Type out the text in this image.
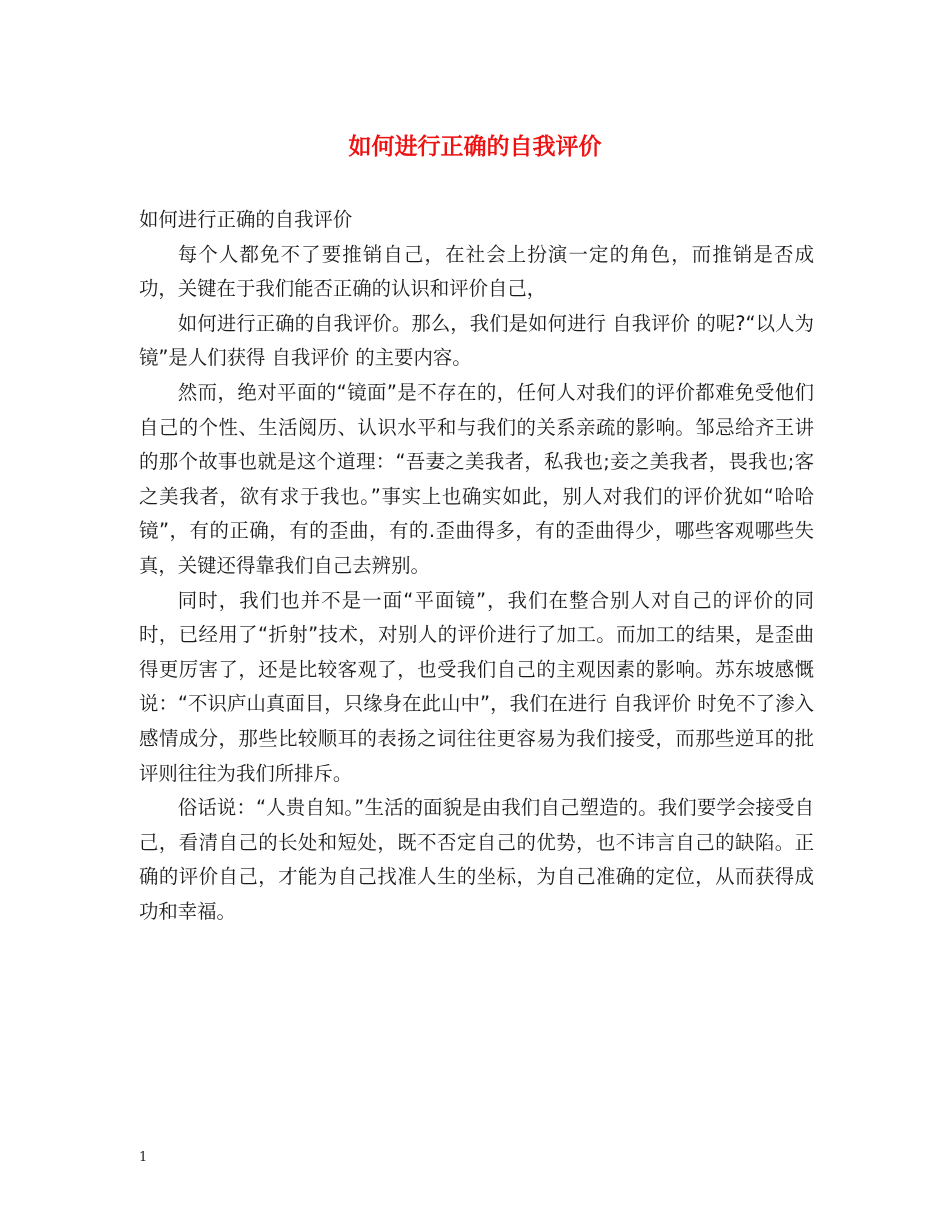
如何进行正确的自我评价

如何进行正确的自我评价

每个人都免不了要推销自己，在社会上扮演一定的角色，而推销是否成功，关键在于我们能否正确的认识和评价自己，

如何进行正确的自我评价。那么，我们是如何进行 自我评价 的呢?“以人为镜”是人们获得 自我评价 的主要内容。

然而，绝对平面的“镜面”是不存在的，任何人对我们的评价都难免受他们自己的个性、生活阅历、认识水平和与我们的关系亲疏的影响。邹忌给齐王讲的那个故事也就是这个道理：“吾妻之美我者，私我也;妾之美我者，畏我也;客之美我者，欲有求于我也。”事实上也确实如此，别人对我们的评价犹如“哈哈镜”，有的正确，有的歪曲，有的.歪曲得多，有的歪曲得少，哪些客观哪些失真，关键还得靠我们自己去辨别。

同时，我们也并不是一面“平面镜”，我们在整合别人对自己的评价的同时，已经用了“折射”技术，对别人的评价进行了加工。而加工的结果，是歪曲得更厉害了，还是比较客观了，也受我们自己的主观因素的影响。苏东坡感慨说：“不识庐山真面目，只缘身在此山中”，我们在进行 自我评价 时免不了渗入感情成分，那些比较顺耳的表扬之词往往更容易为我们接受，而那些逆耳的批评则往往为我们所排斥。

俗话说：“人贵自知。”生活的面貌是由我们自己塑造的。我们要学会接受自己，看清自己的长处和短处，既不否定自己的优势，也不讳言自己的缺陷。正确的评价自己，才能为自己找准人生的坐标，为自己准确的定位，从而获得成功和幸福。

1
